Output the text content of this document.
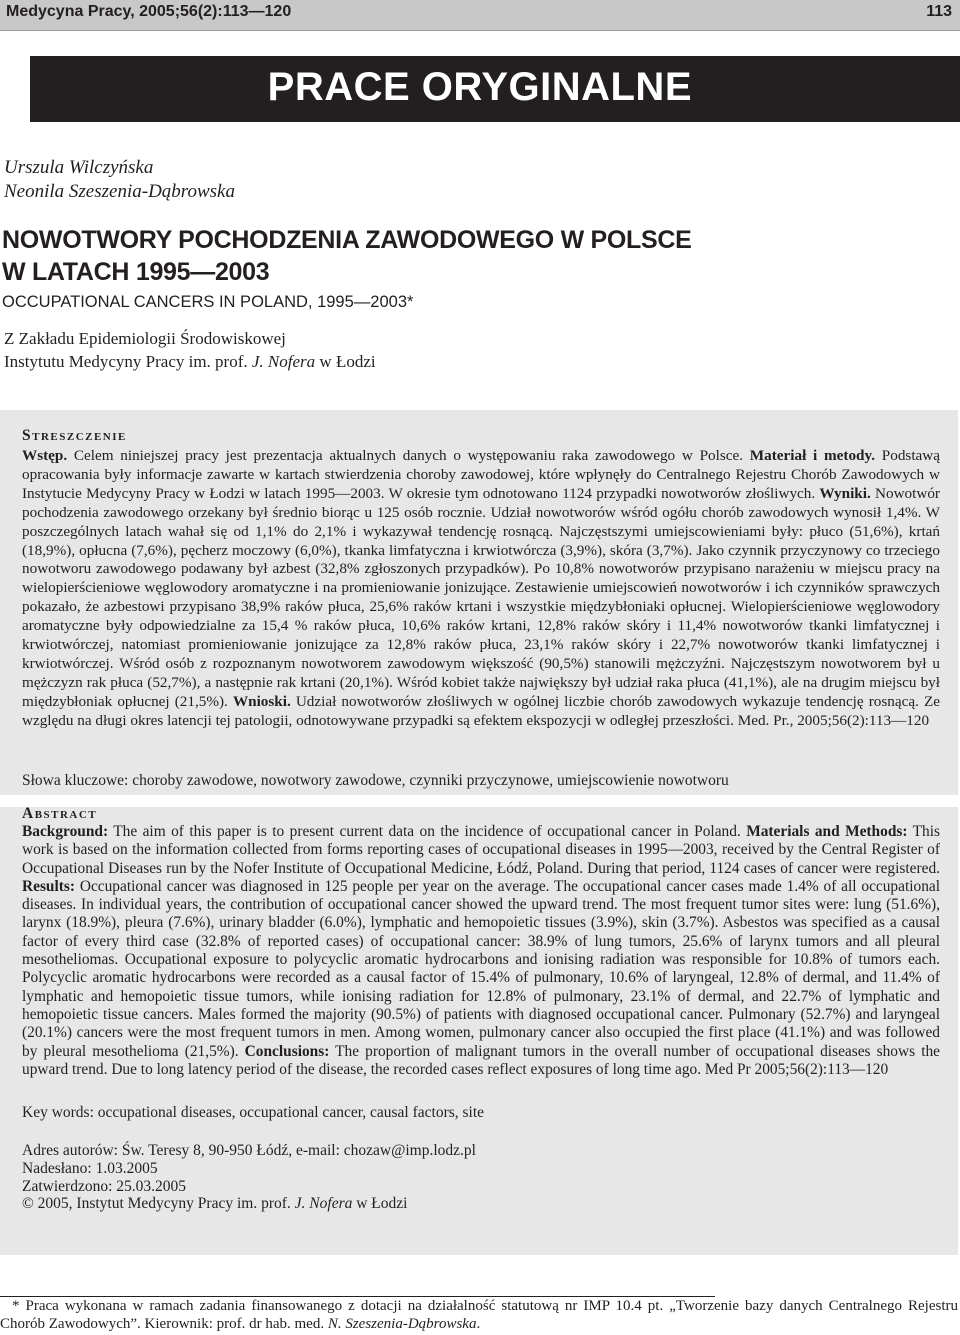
Medycyna Pracy, 2005;56(2):113—120	113
PRACE ORYGINALNE
Urszula Wilczyńska
Neonila Szeszenia-Dąbrowska
NOWOTWORY POCHODZENIA ZAWODOWEGO W POLSCE
W LATACH 1995—2003
OCCUPATIONAL CANCERS IN POLAND, 1995—2003*
Z Zakładu Epidemiologii Środowiskowej
Instytutu Medycyny Pracy im. prof. J. Nofera w Łodzi
Streszczenie
Wstęp. Celem niniejszej pracy jest prezentacja aktualnych danych o występowaniu raka zawodowego w Polsce. Materiał i metody. Podstawą opracowania były informacje zawarte w kartach stwierdzenia choroby zawodowej, które wpłynęły do Centralnego Rejestru Chorób Zawodowych w Instytucie Medycyny Pracy w Łodzi w latach 1995—2003. W okresie tym odnotowano 1124 przypadki nowotworów złośliwych. Wyniki. Nowotwór pochodzenia zawodowego orzekany był średnio biorąc u 125 osób rocznie. Udział nowotworów wśród ogółu chorób zawodowych wynosił 1,4%. W poszczególnych latach wahał się od 1,1% do 2,1% i wykazywał tendencję rosnącą. Najczęstszymi umiejscowieniami były: płuco (51,6%), krtań (18,9%), opłucna (7,6%), pęcherz moczowy (6,0%), tkanka limfatyczna i krwiotwórcza (3,9%), skóra (3,7%). Jako czynnik przyczynowy co trzeciego nowotworu zawodowego podawany był azbest (32,8% zgłoszonych przypadków). Po 10,8% nowotworów przypisano narażeniu w miejscu pracy na wielopierścieniowe węglowodory aromatyczne i na promieniowanie jonizujące. Zestawienie umiejscowień nowotworów i ich czynników sprawczych pokazało, że azbestowi przypisano 38,9% raków płuca, 25,6% raków krtani i wszystkie międzybłoniaki opłucnej. Wielopierścieniowe węglowodory aromatyczne były odpowiedzialne za 15,4 % raków płuca, 10,6% raków krtani, 12,8% raków skóry i 11,4% nowotworów tkanki limfatycznej i krwiotwórczej, natomiast promieniowanie jonizujące za 12,8% raków płuca, 23,1% raków skóry i 22,7% nowotworów tkanki limfatycznej i krwiotwórczej. Wśród osób z rozpoznanym nowotworem zawodowym większość (90,5%) stanowili mężczyźni. Najczęstszym nowotworem był u mężczyzn rak płuca (52,7%), a następnie rak krtani (20,1%). Wśród kobiet także największy był udział raka płuca (41,1%), ale na drugim miejscu był międzybłoniak opłucnej (21,5%). Wnioski. Udział nowotworów złośliwych w ogólnej liczbie chorób zawodowych wykazuje tendencję rosnącą. Ze względu na długi okres latencji tej patologii, odnotowywane przypadki są efektem ekspozycji w odległej przeszłości. Med. Pr., 2005;56(2):113—120
Słowa kluczowe: choroby zawodowe, nowotwory zawodowe, czynniki przyczynowe, umiejscowienie nowotworu
Abstract
Background: The aim of this paper is to present current data on the incidence of occupational cancer in Poland. Materials and Methods: This work is based on the information collected from forms reporting cases of occupational diseases in 1995—2003, received by the Central Register of Occupational Diseases run by the Nofer Institute of Occupational Medicine, Łódź, Poland. During that period, 1124 cases of cancer were registered. Results: Occupational cancer was diagnosed in 125 people per year on the average. The occupational cancer cases made 1.4% of all occupational diseases. In individual years, the contribution of occupational cancer showed the upward trend. The most frequent tumor sites were: lung (51.6%), larynx (18.9%), pleura (7.6%), urinary bladder (6.0%), lymphatic and hemopoietic tissues (3.9%), skin (3.7%). Asbestos was specified as a causal factor of every third case (32.8% of reported cases) of occupational cancer: 38.9% of lung tumors, 25.6% of larynx tumors and all pleural mesotheliomas. Occupational exposure to polycyclic aromatic hydrocarbons and ionising radiation was responsible for 10.8% of tumors each. Polycyclic aromatic hydrocarbons were recorded as a causal factor of 15.4% of pulmonary, 10.6% of laryngeal, 12.8% of dermal, and 11.4% of lymphatic and hemopoietic tissue tumors, while ionising radiation for 12.8% of pulmonary, 23.1% of dermal, and 22.7% of lymphatic and hemopoietic tissue cancers. Males formed the majority (90.5%) of patients with diagnosed occupational cancer. Pulmonary (52.7%) and laryngeal (20.1%) cancers were the most frequent tumors in men. Among women, pulmonary cancer also occupied the first place (41.1%) and was followed by pleural mesothelioma (21,5%). Conclusions: The proportion of malignant tumors in the overall number of occupational diseases shows the upward trend. Due to long latency period of the disease, the recorded cases reflect exposures of long time ago. Med Pr 2005;56(2):113—120
Key words: occupational diseases, occupational cancer, causal factors, site
Adres autorów: Św. Teresy 8, 90-950 Łódź, e-mail: chozaw@imp.lodz.pl
Nadesłano: 1.03.2005
Zatwierdzono: 25.03.2005
© 2005, Instytut Medycyny Pracy im. prof. J. Nofera w Łodzi
* Praca wykonana w ramach zadania finansowanego z dotacji na działalność statutową nr IMP 10.4 pt. „Tworzenie bazy danych Centralnego Rejestru Chorób Zawodowych”. Kierownik: prof. dr hab. med. N. Szeszenia-Dąbrowska.
